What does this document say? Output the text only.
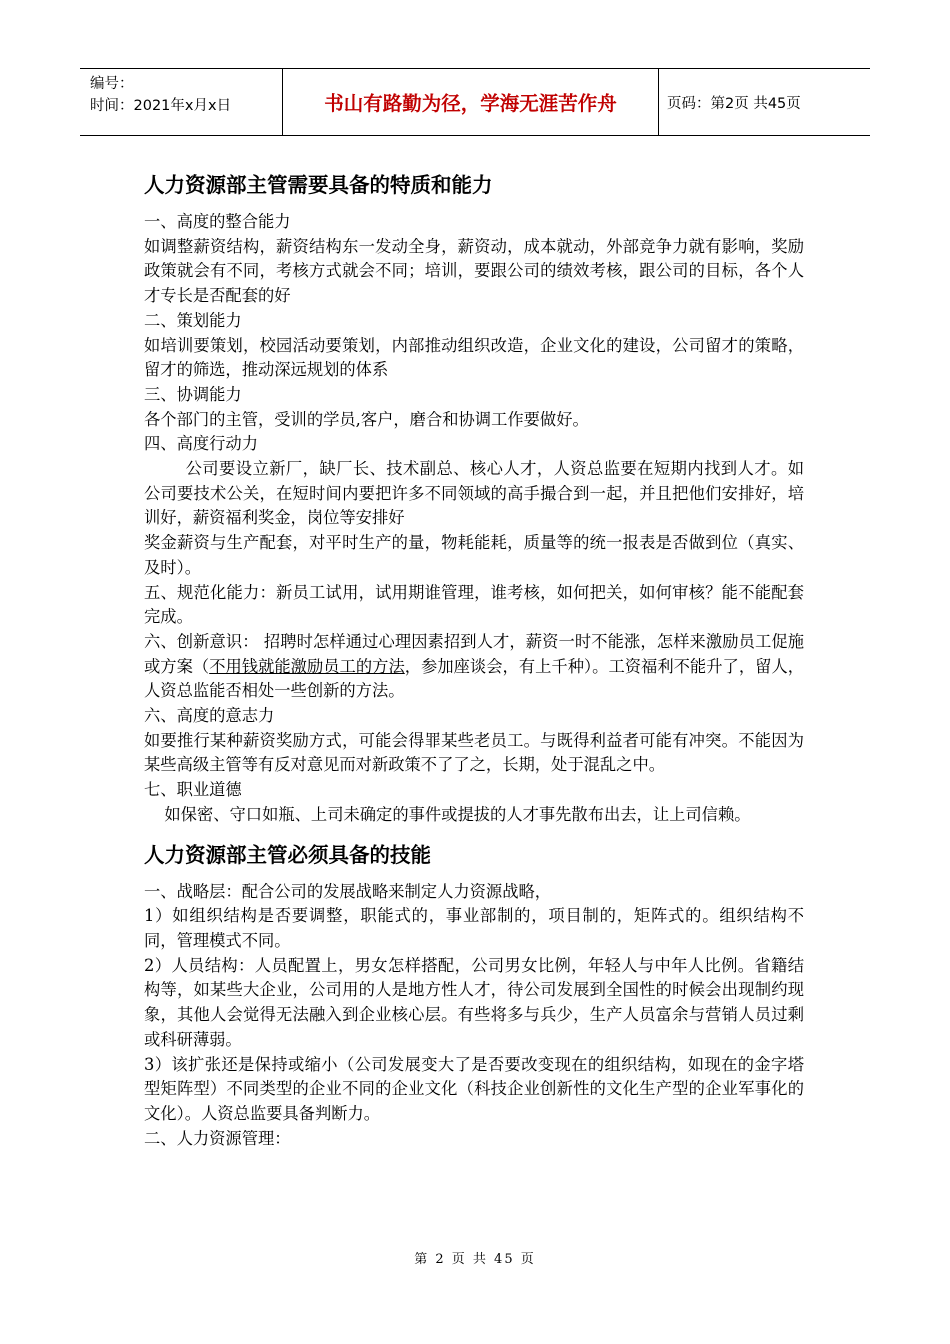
编号：
时间：2021年x月x日	书山有路勤为径，学海无涯苦作舟	页码：第2页 共45页
人力资源部主管需要具备的特质和能力

一、高度的整合能力

如调整薪资结构，薪资结构东一发动全身，薪资动，成本就动，外部竞争力就有影响，奖励政策就会有不同，考核方式就会不同；培训，要跟公司的绩效考核，跟公司的目标，各个人才专长是否配套的好

二、策划能力

如培训要策划，校园活动要策划，内部推动组织改造，企业文化的建设，公司留才的策略，留才的筛选，推动深远规划的体系

三、协调能力

各个部门的主管，受训的学员,客户，磨合和协调工作要做好。

四、高度行动力

公司要设立新厂，缺厂长、技术副总、核心人才，人资总监要在短期内找到人才。如公司要技术公关，在短时间内要把许多不同领域的高手撮合到一起，并且把他们安排好，培训好，薪资福利奖金，岗位等安排好

奖金薪资与生产配套，对平时生产的量，物耗能耗，质量等的统一报表是否做到位（真实、及时）。

五、规范化能力：新员工试用，试用期谁管理，谁考核，如何把关，如何审核？能不能配套完成。

六、创新意识： 招聘时怎样通过心理因素招到人才，薪资一时不能涨，怎样来激励员工促施或方案（不用钱就能激励员工的方法，参加座谈会，有上千种）。工资福利不能升了，留人，人资总监能否相处一些创新的方法。

六、高度的意志力

如要推行某种薪资奖励方式，可能会得罪某些老员工。与既得利益者可能有冲突。不能因为某些高级主管等有反对意见而对新政策不了了之，长期，处于混乱之中。

七、职业道德

如保密、守口如瓶、上司未确定的事件或提拔的人才事先散布出去，让上司信赖。

人力资源部主管必须具备的技能

一、战略层：配合公司的发展战略来制定人力资源战略，

1）如组织结构是否要调整，职能式的，事业部制的，项目制的，矩阵式的。组织结构不同，管理模式不同。

2）人员结构：人员配置上，男女怎样搭配，公司男女比例，年轻人与中年人比例。省籍结构等，如某些大企业，公司用的人是地方性人才，待公司发展到全国性的时候会出现制约现象，其他人会觉得无法融入到企业核心层。有些将多与兵少，生产人员富余与营销人员过剩或科研薄弱。

3）该扩张还是保持或缩小（公司发展变大了是否要改变现在的组织结构，如现在的金字塔型矩阵型）不同类型的企业不同的企业文化（科技企业创新性的文化生产型的企业军事化的文化）。人资总监要具备判断力。

二、人力资源管理：

第 2 页 共 45 页
